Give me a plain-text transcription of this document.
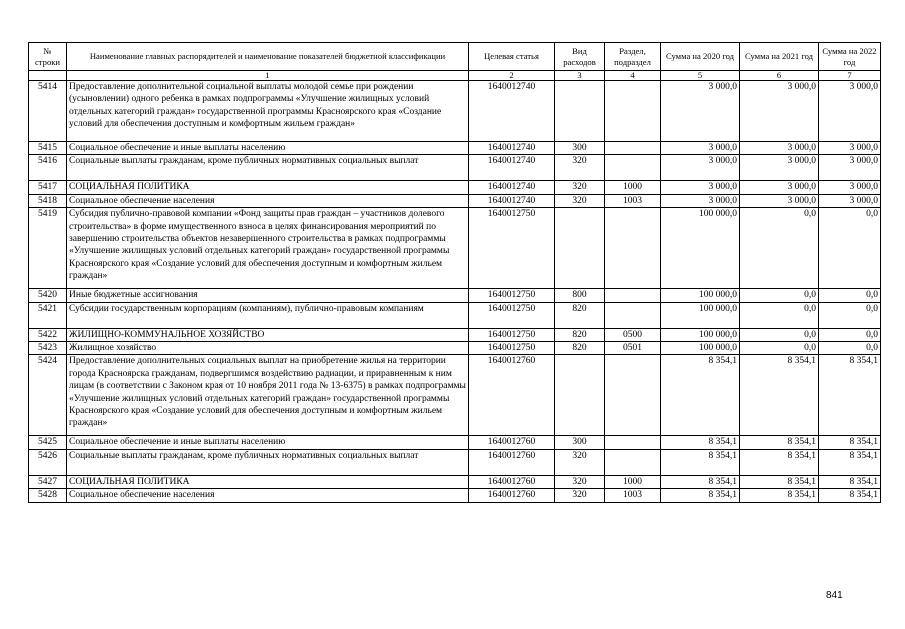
№ строки	Наименование главных распорядителей и наименование показателей бюджетной классификации	Целевая статья	Вид расходов	Раздел, подраздел	Сумма на 2020 год	Сумма на 2021 год	Сумма на 2022 год
	1	2	3	4	5	6	7
5414	Предоставление дополнительной социальной выплаты молодой семье при рождении (усыновлении) одного ребенка в рамках подпрограммы «Улучшение жилищных условий отдельных категорий граждан» государственной программы Красноярского края «Создание условий для обеспечения доступным и комфортным жильем граждан»	1640012740			3 000,0	3 000,0	3 000,0
5415	Социальное обеспечение и иные выплаты населению	1640012740	300		3 000,0	3 000,0	3 000,0
5416	Социальные выплаты гражданам, кроме публичных нормативных социальных выплат	1640012740	320		3 000,0	3 000,0	3 000,0
5417	СОЦИАЛЬНАЯ ПОЛИТИКА	1640012740	320	1000	3 000,0	3 000,0	3 000,0
5418	Социальное обеспечение населения	1640012740	320	1003	3 000,0	3 000,0	3 000,0
5419	Субсидия публично-правовой компании «Фонд защиты прав граждан – участников долевого строительства» в форме имущественного взноса в целях финансирования мероприятий по завершению строительства объектов незавершенного строительства в рамках подпрограммы «Улучшение жилищных условий отдельных категорий граждан» государственной программы Красноярского края «Создание условий для обеспечения доступным и комфортным жильем граждан»	1640012750			100 000,0	0,0	0,0
5420	Иные бюджетные ассигнования	1640012750	800		100 000,0	0,0	0,0
5421	Субсидии государственным корпорациям (компаниям), публично-правовым компаниям	1640012750	820		100 000,0	0,0	0,0
5422	ЖИЛИЩНО-КОММУНАЛЬНОЕ ХОЗЯЙСТВО	1640012750	820	0500	100 000,0	0,0	0,0
5423	Жилищное хозяйство	1640012750	820	0501	100 000,0	0,0	0,0
5424	Предоставление дополнительных социальных выплат на приобретение жилья на территории города Красноярска гражданам, подвергшимся воздействию радиации, и приравненным к ним лицам (в соответствии с Законом края от 10 ноября 2011 года № 13-6375) в рамках подпрограммы «Улучшение жилищных условий отдельных категорий граждан» государственной программы Красноярского края «Создание условий для обеспечения доступным и комфортным жильем граждан»	1640012760			8 354,1	8 354,1	8 354,1
5425	Социальное обеспечение и иные выплаты населению	1640012760	300		8 354,1	8 354,1	8 354,1
5426	Социальные выплаты гражданам, кроме публичных нормативных социальных выплат	1640012760	320		8 354,1	8 354,1	8 354,1
5427	СОЦИАЛЬНАЯ ПОЛИТИКА	1640012760	320	1000	8 354,1	8 354,1	8 354,1
5428	Социальное обеспечение населения	1640012760	320	1003	8 354,1	8 354,1	8 354,1
841
